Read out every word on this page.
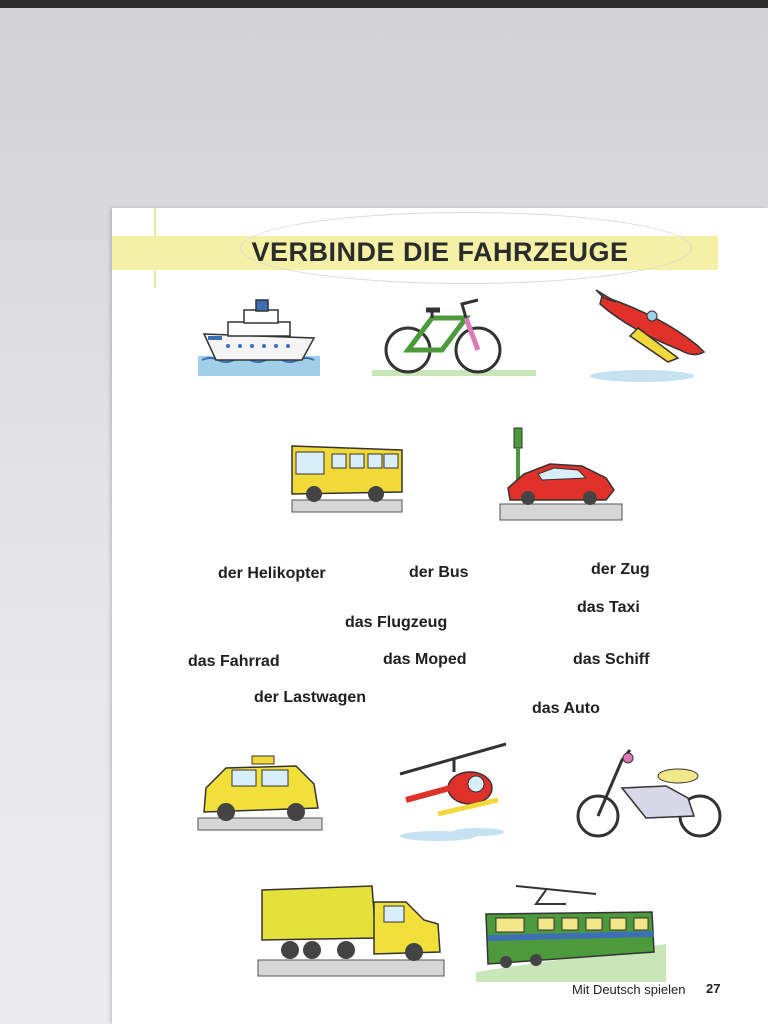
VERBINDE DIE FAHRZEUGE
der Helikopter	der Bus	der Zug
das Flugzeug
das Taxi
das Fahrrad	das Moped	das Schiff
der Lastwagen
das Auto
Mit Deutsch spielen 27
